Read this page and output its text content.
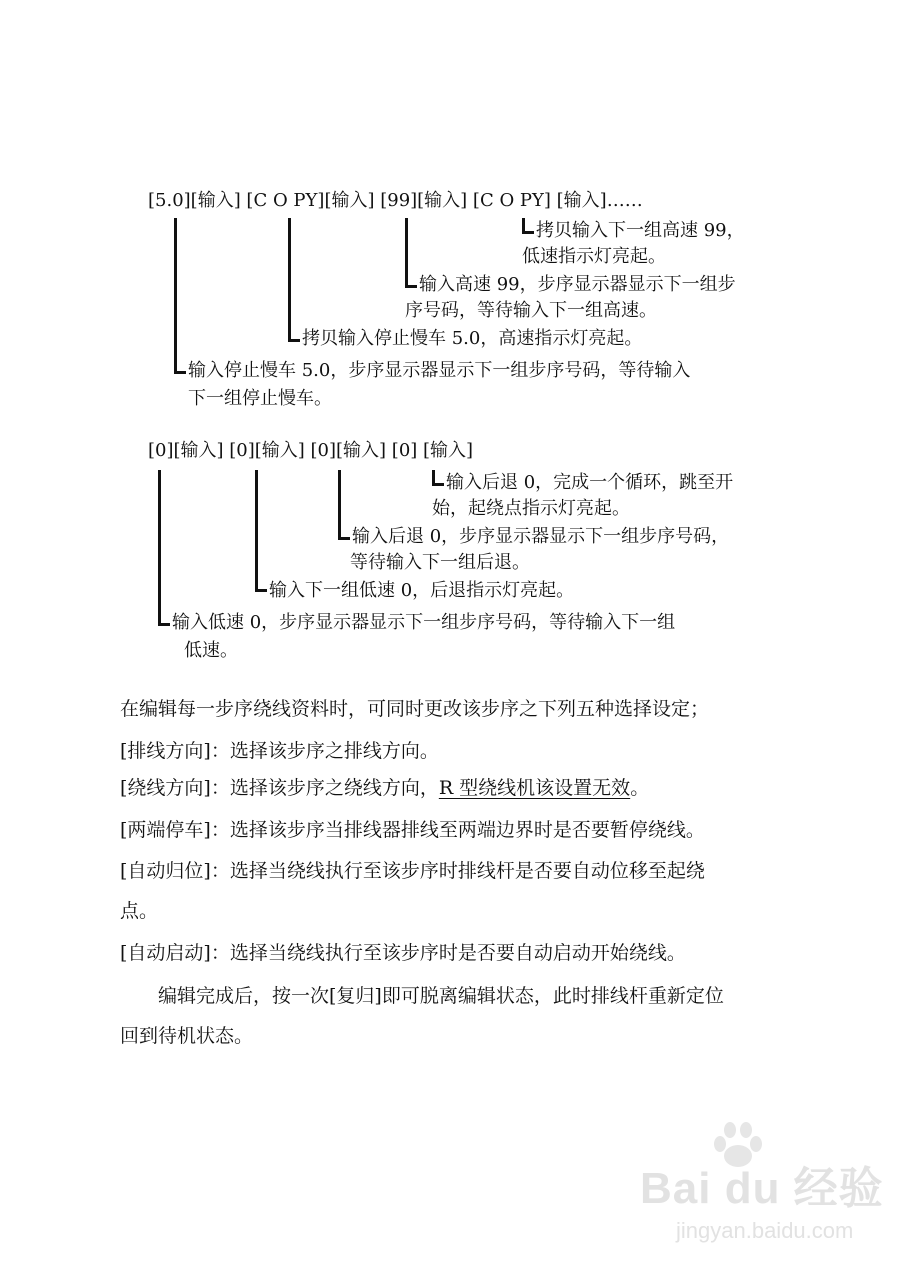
[5.0][输入] [C O PY][输入] [99][输入] [C O PY] [输入]……
拷贝输入下一组高速 99，
低速指示灯亮起。
输入高速 99，步序显示器显示下一组步
序号码，等待输入下一组高速。
拷贝输入停止慢车 5.0，高速指示灯亮起。
输入停止慢车 5.0，步序显示器显示下一组步序号码，等待输入
下一组停止慢车。
[0][输入] [0][输入] [0][输入] [0] [输入]
输入后退 0，完成一个循环，跳至开
始，起绕点指示灯亮起。
输入后退 0，步序显示器显示下一组步序号码，
等待输入下一组后退。
输入下一组低速 0，后退指示灯亮起。
输入低速 0，步序显示器显示下一组步序号码，等待输入下一组
低速。
在编辑每一步序绕线资料时，可同时更改该步序之下列五种选择设定；
[排线方向]：选择该步序之排线方向。
[绕线方向]：选择该步序之绕线方向，R 型绕线机该设置无效。
[两端停车]：选择该步序当排线器排线至两端边界时是否要暂停绕线。
[自动归位]：选择当绕线执行至该步序时排线杆是否要自动位移至起绕
点。
[自动启动]：选择当绕线执行至该步序时是否要自动启动开始绕线。
编辑完成后，按一次[复归]即可脱离编辑状态，此时排线杆重新定位
回到待机状态。
Bai du 经验
jingyan.baidu.com
